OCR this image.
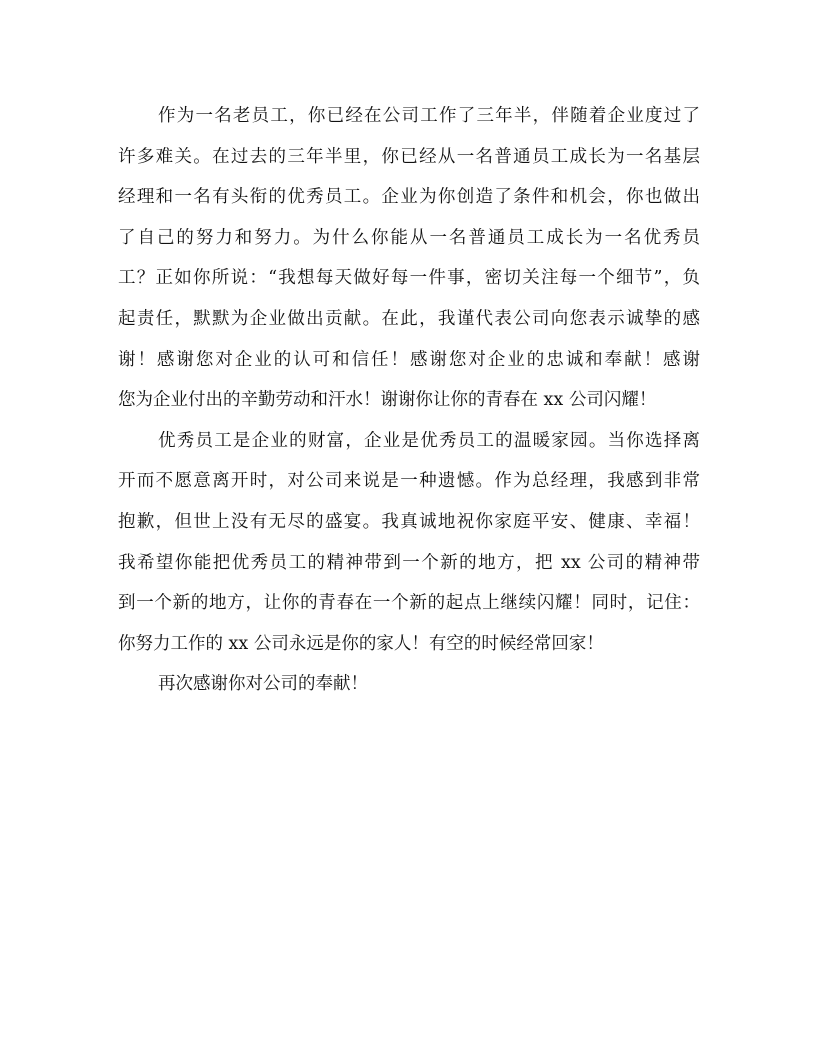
作为一名老员工，你已经在公司工作了三年半，伴随着企业度过了
许多难关。在过去的三年半里，你已经从一名普通员工成长为一名基层
经理和一名有头衔的优秀员工。企业为你创造了条件和机会，你也做出
了自己的努力和努力。为什么你能从一名普通员工成长为一名优秀员
工？正如你所说：“我想每天做好每一件事，密切关注每一个细节”，负
起责任，默默为企业做出贡献。在此，我谨代表公司向您表示诚挚的感
谢！感谢您对企业的认可和信任！感谢您对企业的忠诚和奉献！感谢
您为企业付出的辛勤劳动和汗水！谢谢你让你的青春在 xx 公司闪耀！
优秀员工是企业的财富，企业是优秀员工的温暖家园。当你选择离
开而不愿意离开时，对公司来说是一种遗憾。作为总经理，我感到非常
抱歉，但世上没有无尽的盛宴。我真诚地祝你家庭平安、健康、幸福！
我希望你能把优秀员工的精神带到一个新的地方，把 xx 公司的精神带
到一个新的地方，让你的青春在一个新的起点上继续闪耀！同时，记住：
你努力工作的 xx 公司永远是你的家人！有空的时候经常回家！
再次感谢你对公司的奉献！
